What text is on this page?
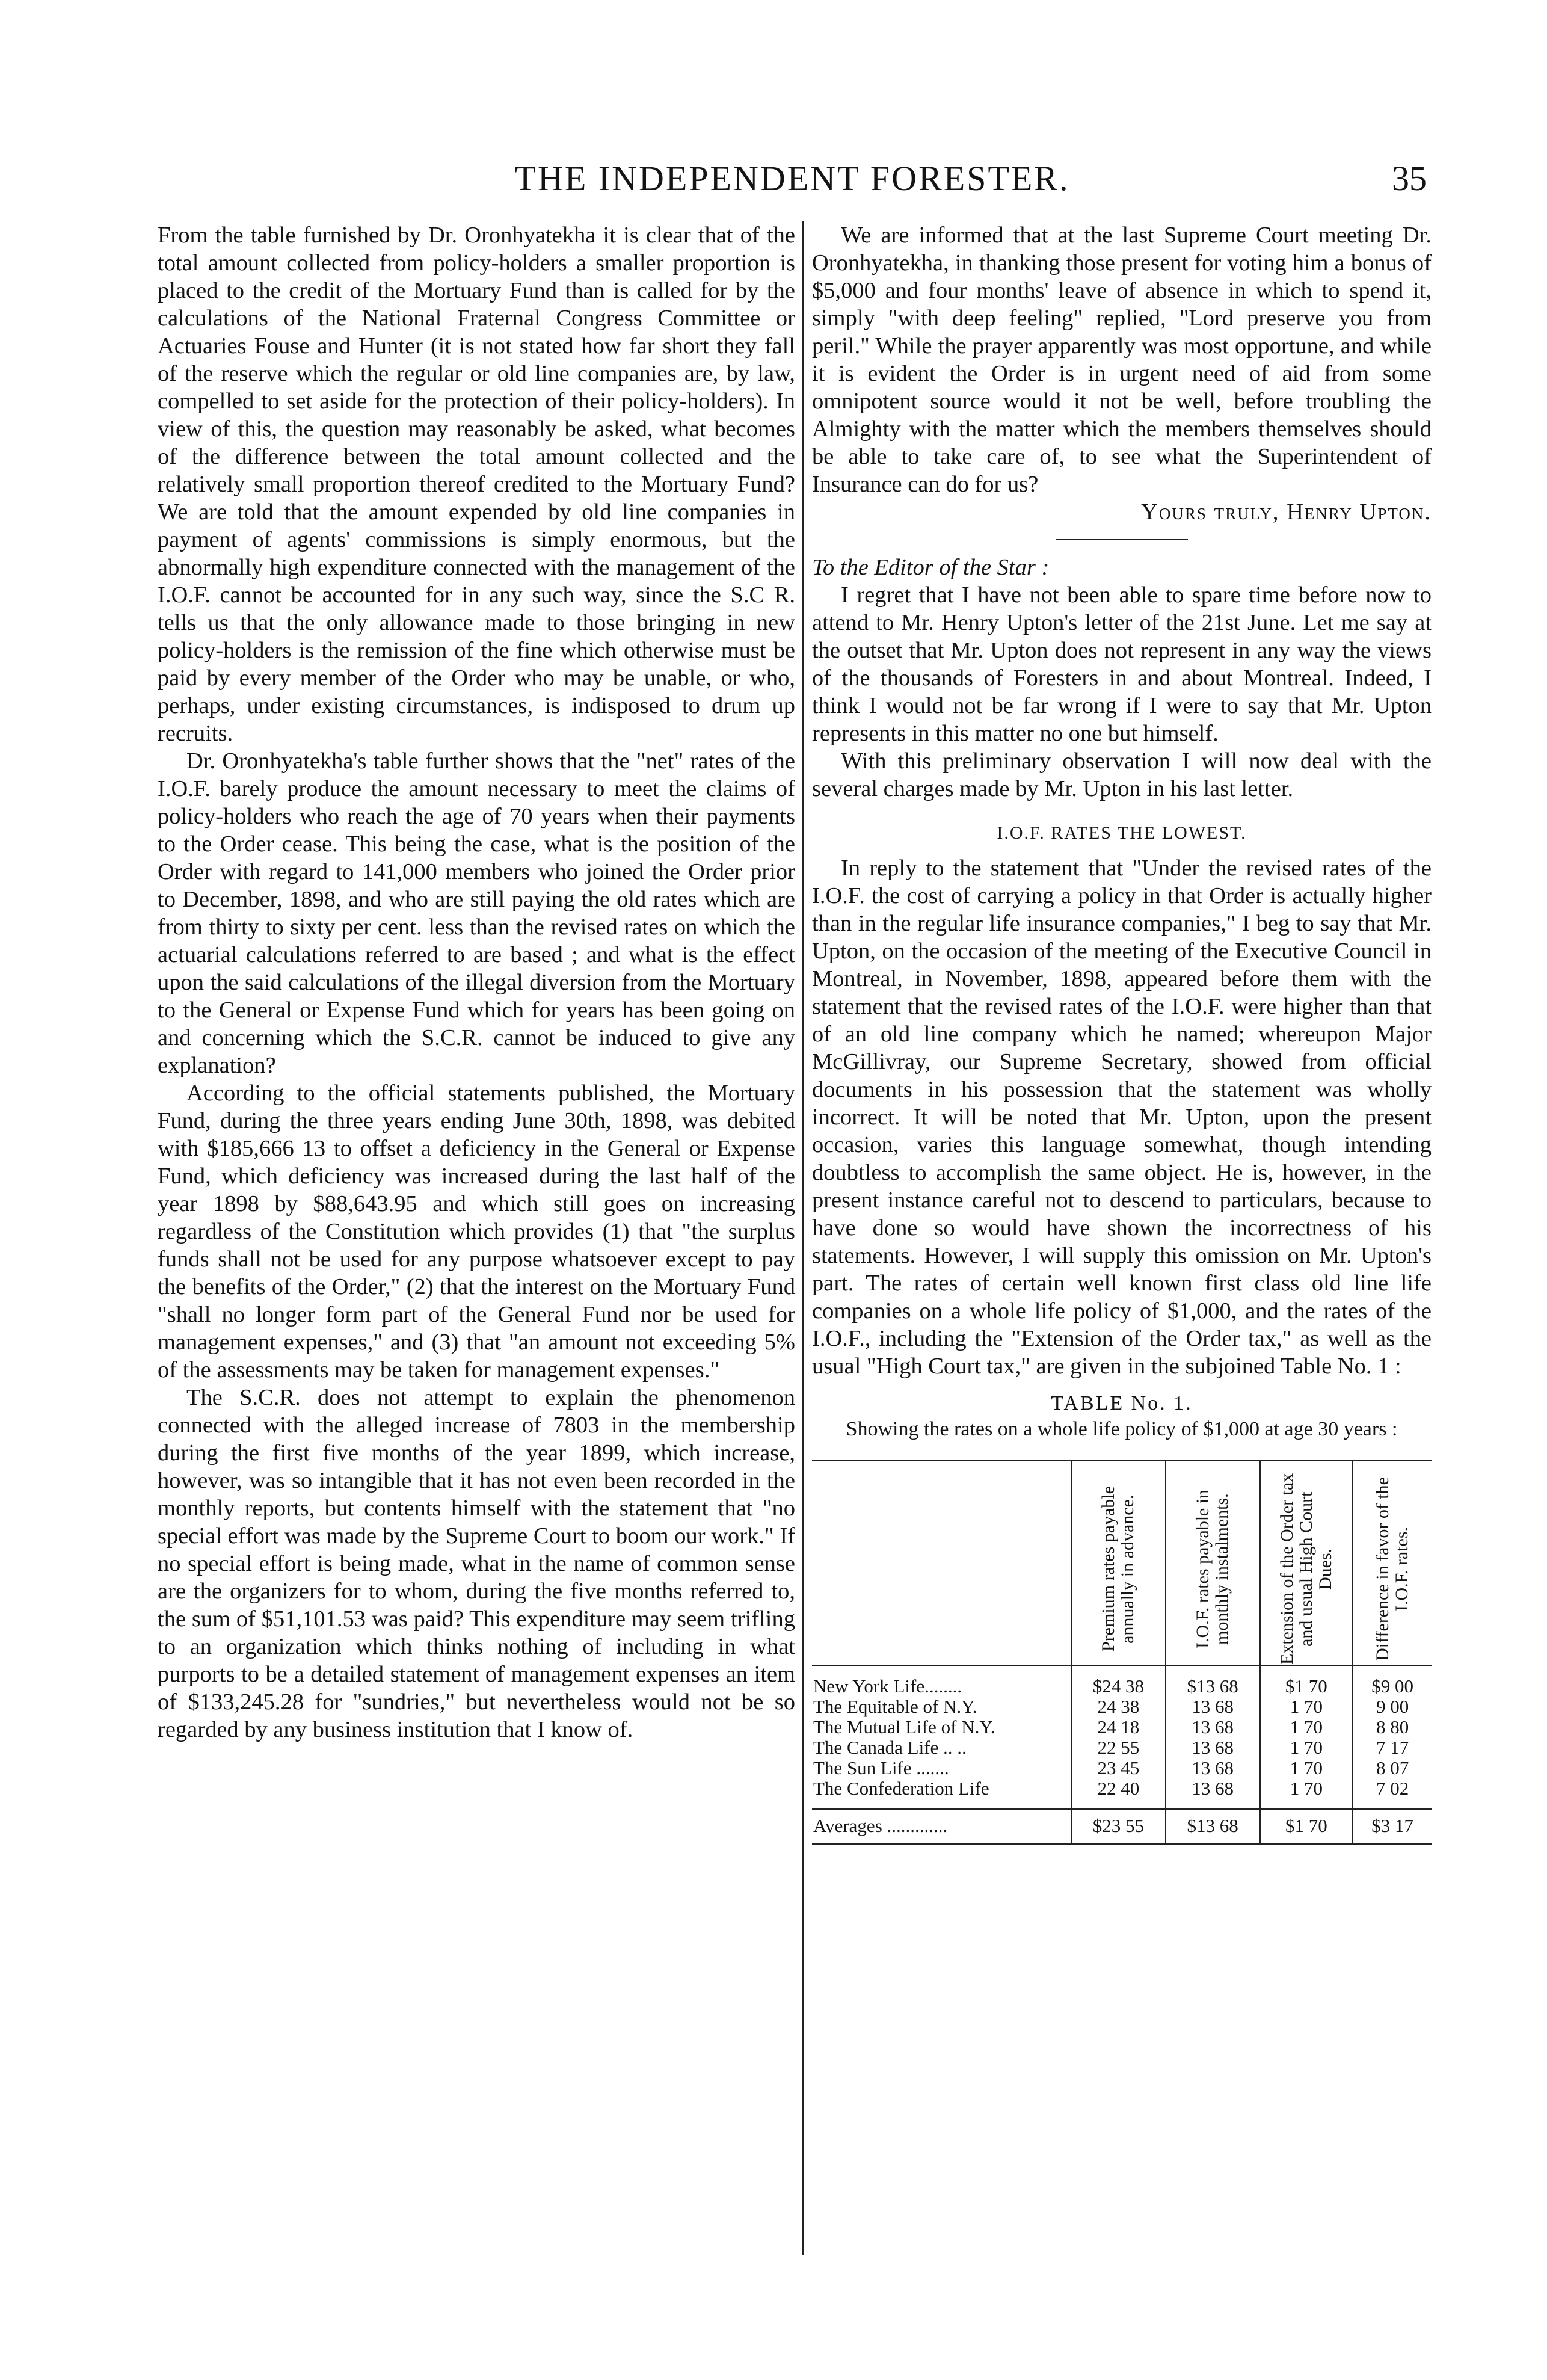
THE INDEPENDENT FORESTER.	35

From the table furnished by Dr. Oronhyatekha it is clear that of the total amount collected from policy-holders a smaller proportion is placed to the credit of the Mortuary Fund than is called for by the calculations of the National Fraternal Congress Committee or Actuaries Fouse and Hunter (it is not stated how far short they fall of the reserve which the regular or old line companies are, by law, compelled to set aside for the protection of their policy-holders). In view of this, the question may reasonably be asked, what becomes of the difference between the total amount collected and the relatively small proportion thereof credited to the Mortuary Fund? We are told that the amount expended by old line companies in payment of agents' commissions is simply enormous, but the abnormally high expenditure connected with the management of the I.O.F. cannot be accounted for in any such way, since the S.C R. tells us that the only allowance made to those bringing in new policy-holders is the remission of the fine which otherwise must be paid by every member of the Order who may be unable, or who, perhaps, under existing circumstances, is indisposed to drum up recruits.

Dr. Oronhyatekha's table further shows that the "net" rates of the I.O.F. barely produce the amount necessary to meet the claims of policy-holders who reach the age of 70 years when their payments to the Order cease. This being the case, what is the position of the Order with regard to 141,000 members who joined the Order prior to December, 1898, and who are still paying the old rates which are from thirty to sixty per cent. less than the revised rates on which the actuarial calculations referred to are based ; and what is the effect upon the said calculations of the illegal diversion from the Mortuary to the General or Expense Fund which for years has been going on and concerning which the S.C.R. cannot be induced to give any explanation?

According to the official statements published, the Mortuary Fund, during the three years ending June 30th, 1898, was debited with $185,666 13 to offset a deficiency in the General or Expense Fund, which deficiency was increased during the last half of the year 1898 by $88,643.95 and which still goes on increasing regardless of the Constitution which provides (1) that "the surplus funds shall not be used for any purpose whatsoever except to pay the benefits of the Order," (2) that the interest on the Mortuary Fund "shall no longer form part of the General Fund nor be used for management expenses," and (3) that "an amount not exceeding 5% of the assessments may be taken for management expenses."

The S.C.R. does not attempt to explain the phenomenon connected with the alleged increase of 7803 in the membership during the first five months of the year 1899, which increase, however, was so intangible that it has not even been recorded in the monthly reports, but contents himself with the statement that "no special effort was made by the Supreme Court to boom our work." If no special effort is being made, what in the name of common sense are the organizers for to whom, during the five months referred to, the sum of $51,101.53 was paid? This expenditure may seem trifling to an organization which thinks nothing of including in what purports to be a detailed statement of management expenses an item of $133,245.28 for "sundries," but nevertheless would not be so regarded by any business institution that I know of.

We are informed that at the last Supreme Court meeting Dr. Oronhyatekha, in thanking those present for voting him a bonus of $5,000 and four months' leave of absence in which to spend it, simply "with deep feeling" replied, "Lord preserve you from peril." While the prayer apparently was most opportune, and while it is evident the Order is in urgent need of aid from some omnipotent source would it not be well, before troubling the Almighty with the matter which the members themselves should be able to take care of, to see what the Superintendent of Insurance can do for us?

Yours truly, Henry Upton.

To the Editor of the Star :

I regret that I have not been able to spare time before now to attend to Mr. Henry Upton's letter of the 21st June. Let me say at the outset that Mr. Upton does not represent in any way the views of the thousands of Foresters in and about Montreal. Indeed, I think I would not be far wrong if I were to say that Mr. Upton represents in this matter no one but himself.

With this preliminary observation I will now deal with the several charges made by Mr. Upton in his last letter.

I.O.F. RATES THE LOWEST.

In reply to the statement that "Under the revised rates of the I.O.F. the cost of carrying a policy in that Order is actually higher than in the regular life insurance companies," I beg to say that Mr. Upton, on the occasion of the meeting of the Executive Council in Montreal, in November, 1898, appeared before them with the statement that the revised rates of the I.O.F. were higher than that of an old line company which he named; whereupon Major McGillivray, our Supreme Secretary, showed from official documents in his possession that the statement was wholly incorrect. It will be noted that Mr. Upton, upon the present occasion, varies this language somewhat, though intending doubtless to accomplish the same object. He is, however, in the present instance careful not to descend to particulars, because to have done so would have shown the incorrectness of his statements. However, I will supply this omission on Mr. Upton's part. The rates of certain well known first class old line life companies on a whole life policy of $1,000, and the rates of the I.O.F., including the "Extension of the Order tax," as well as the usual "High Court tax," are given in the subjoined Table No. 1 :

TABLE No. 1.
Showing the rates on a whole life policy of $1,000 at age 30 years :

	Premium rates payable annually in advance.	I.O.F. rates payable in monthly instalments.	Extension of the Order tax and usual High Court Dues.	Difference in favor of the I.O.F. rates.

New York Life........	$24 38	$13 68	$1 70	$9 00
The Equitable of N.Y.	24 38	13 68	1 70	9 00
The Mutual Life of N.Y.	24 18	13 68	1 70	8 80
The Canada Life .. ..	22 55	13 68	1 70	7 17
The Sun Life .......	23 45	13 68	1 70	8 07
The Confederation Life	22 40	13 68	1 70	7 02
Averages .............	$23 55	$13 68	$1 70	$3 17
